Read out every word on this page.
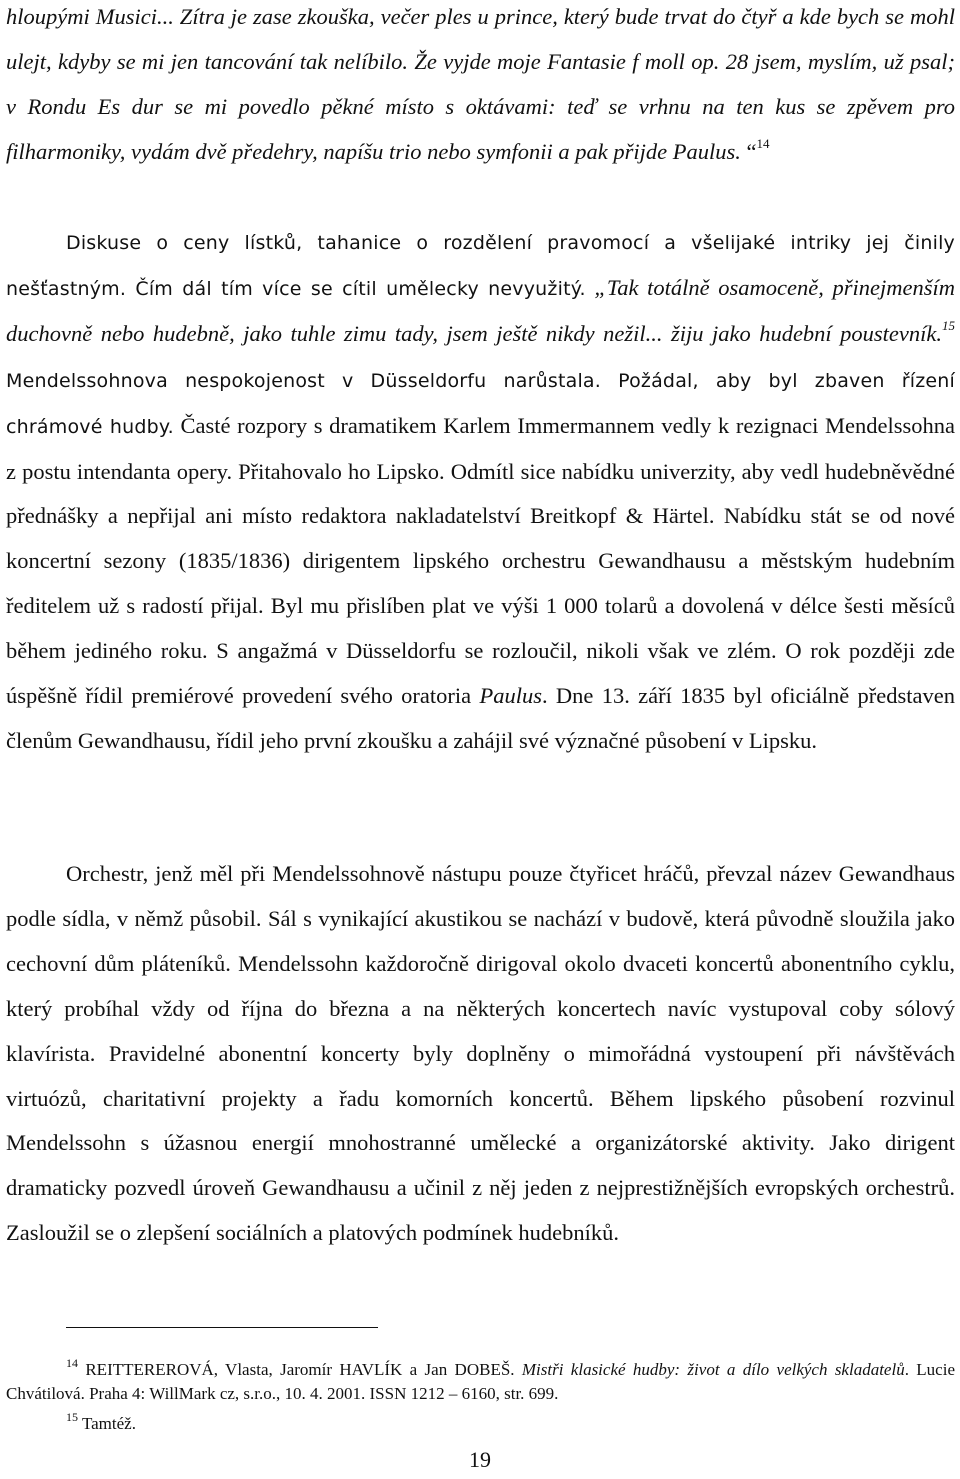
hloupými Musici... Zítra je zase zkouška, večer ples u prince, který bude trvat do čtyř a kde bych se mohl ulejt, kdyby se mi jen tancování tak nelíbilo. Že vyjde moje Fantasie f moll op. 28 jsem, myslím, už psal; v Rondu Es dur se mi povedlo pěkné místo s oktávami: teď se vrhnu na ten kus se zpěvem pro filharmoniky, vydám dvě předehry, napíšu trio nebo symfonii a pak přijde Paulus. “$^{14}$

Diskuse o ceny lístků, tahanice o rozdělení pravomocí a všelijaké intriky jej činily nešťastným. Čím dál tím více se cítil umělecky nevyužitý. „Tak totálně osamoceně, přinejmenším duchovně nebo hudebně, jako tuhle zimu tady, jsem ještě nikdy nežil... žiju jako hudební poustevník.$^{15}$ Mendelssohnova nespokojenost v Düsseldorfu narůstala. Požádal, aby byl zbaven řízení chrámové hudby. Časté rozpory s dramatikem Karlem Immermannem vedly k rezignaci Mendelssohna z postu intendanta opery. Přitahovalo ho Lipsko. Odmítl sice nabídku univerzity, aby vedl hudebněvědné přednášky a nepřijal ani místo redaktora nakladatelství Breitkopf & Härtel. Nabídku stát se od nové koncertní sezony (1835/1836) dirigentem lipského orchestru Gewandhausu a městským hudebním ředitelem už s radostí přijal. Byl mu přislíben plat ve výši 1 000 tolarů a dovolená v délce šesti měsíců během jediného roku. S angažmá v Düsseldorfu se rozloučil, nikoli však ve zlém. O rok později zde úspěšně řídil premiérové provedení svého oratoria Paulus. Dne 13. září 1835 byl oficiálně představen členům Gewandhausu, řídil jeho první zkoušku a zahájil své význačné působení v Lipsku.

Orchestr, jenž měl při Mendelssohnově nástupu pouze čtyřicet hráčů, převzal název Gewandhaus podle sídla, v němž působil. Sál s vynikající akustikou se nachází v budově, která původně sloužila jako cechovní dům pláteníků. Mendelssohn každoročně dirigoval okolo dvaceti koncertů abonentního cyklu, který probíhal vždy od října do března a na některých koncertech navíc vystupoval coby sólový klavírista. Pravidelné abonentní koncerty byly doplněny o mimořádná vystoupení při návštěvách virtuózů, charitativní projekty a řadu komorních koncertů. Během lipského působení rozvinul Mendelssohn s úžasnou energií mnohostranné umělecké a organizátorské aktivity. Jako dirigent dramaticky pozvedl úroveň Gewandhausu a učinil z něj jeden z nejprestižnějších evropských orchestrů. Zasloužil se o zlepšení sociálních a platových podmínek hudebníků.

$^{14}$ REITTEREROVÁ, Vlasta, Jaromír HAVLÍK a Jan DOBEŠ. Mistři klasické hudby: život a dílo velkých skladatelů. Lucie Chvátilová. Praha 4: WillMark cz, s.r.o., 10. 4. 2001. ISSN 1212 – 6160, str. 699.

$^{15}$ Tamtéž.

19
